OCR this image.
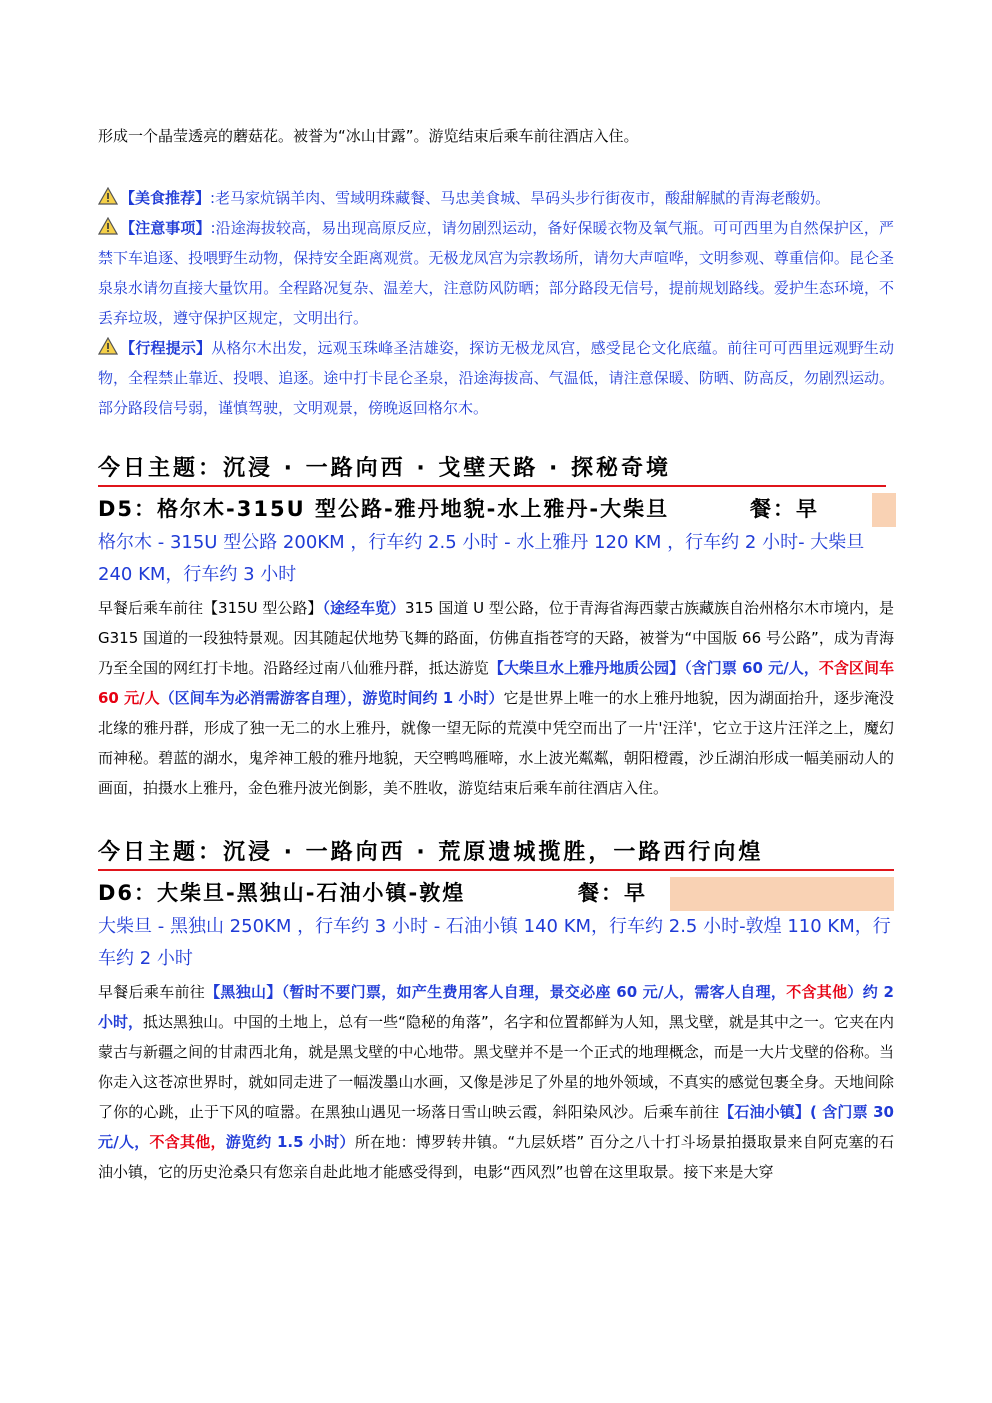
形成一个晶莹透亮的蘑菇花。被誉为“冰山甘露”。游览结束后乘车前往酒店入住。

【美食推荐】:老马家炕锅羊肉、雪域明珠藏餐、马忠美食城、旱码头步行街夜市，酸甜解腻的青海老酸奶。

【注意事项】:沿途海拔较高，易出现高原反应，请勿剧烈运动，备好保暖衣物及氧气瓶。可可西里为自然保护区，严禁下车追逐、投喂野生动物，保持安全距离观赏。无极龙凤宫为宗教场所，请勿大声喧哗，文明参观、尊重信仰。昆仑圣泉泉水请勿直接大量饮用。全程路况复杂、温差大，注意防风防晒；部分路段无信号，提前规划路线。爱护生态环境，不丢弃垃圾，遵守保护区规定，文明出行。

【行程提示】从格尔木出发，远观玉珠峰圣洁雄姿，探访无极龙凤宫，感受昆仑文化底蕴。前往可可西里远观野生动物，全程禁止靠近、投喂、追逐。途中打卡昆仑圣泉，沿途海拔高、气温低，请注意保暖、防晒、防高反，勿剧烈运动。部分路段信号弱，谨慎驾驶，文明观景，傍晚返回格尔木。

今日主题：沉浸 · 一路向西 · 戈壁天路 · 探秘奇境

D5：格尔木-315U 型公路-雅丹地貌-水上雅丹-大柴旦	餐：早

格尔木 - 315U 型公路 200KM ，行车约 2.5 小时 - 水上雅丹 120 KM ，行车约 2 小时- 大柴旦 240 KM，行车约 3 小时

早餐后乘车前往【315U 型公路】（途经车览）315 国道 U 型公路，位于青海省海西蒙古族藏族自治州格尔木市境内，是 G315 国道的一段独特景观。因其随起伏地势飞舞的路面，仿佛直指苍穹的天路，被誉为“中国版 66 号公路”，成为青海乃至全国的网红打卡地。沿路经过南八仙雅丹群，抵达游览【大柴旦水上雅丹地质公园】（含门票 60 元/人，不含区间车 60 元/人（区间车为必消需游客自理），游览时间约 1 小时）它是世界上唯一的水上雅丹地貌，因为湖面抬升，逐步淹没北缘的雅丹群，形成了独一无二的水上雅丹，就像一望无际的荒漠中凭空而出了一片'汪洋'，它立于这片汪洋之上，魔幻而神秘。碧蓝的湖水，鬼斧神工般的雅丹地貌，天空鸭鸣雁啼，水上波光粼粼，朝阳橙霞，沙丘湖泊形成一幅美丽动人的画面，拍摄水上雅丹，金色雅丹波光倒影，美不胜收，游览结束后乘车前往酒店入住。

今日主题：沉浸 · 一路向西 · 荒原遗城揽胜，一路西行向煌

D6：大柴旦-黑独山-石油小镇-敦煌	餐：早

大柴旦 - 黑独山 250KM ，行车约 3 小时 - 石油小镇 140 KM，行车约 2.5 小时-敦煌 110 KM，行车约 2 小时

早餐后乘车前往【黑独山】（暂时不要门票，如产生费用客人自理，景交必座 60 元/人，需客人自理，不含其他）约 2 小时，抵达黑独山。中国的土地上，总有一些“隐秘的角落”，名字和位置都鲜为人知，黑戈壁，就是其中之一。它夹在内蒙古与新疆之间的甘肃西北角，就是黑戈壁的中心地带。黑戈壁并不是一个正式的地理概念，而是一大片戈壁的俗称。当你走入这苍凉世界时，就如同走进了一幅泼墨山水画，又像是涉足了外星的地外领域，不真实的感觉包裹全身。天地间除了你的心跳，止于下风的喧嚣。在黑独山遇见一场落日雪山映云霞，斜阳染风沙。后乘车前往【石油小镇】( 含门票 30 元/人，不含其他，游览约 1.5 小时）所在地：博罗转井镇。“九层妖塔” 百分之八十打斗场景拍摄取景来自阿克塞的石油小镇，它的历史沧桑只有您亲自赴此地才能感受得到，电影“西风烈”也曾在这里取景。接下来是大穿
